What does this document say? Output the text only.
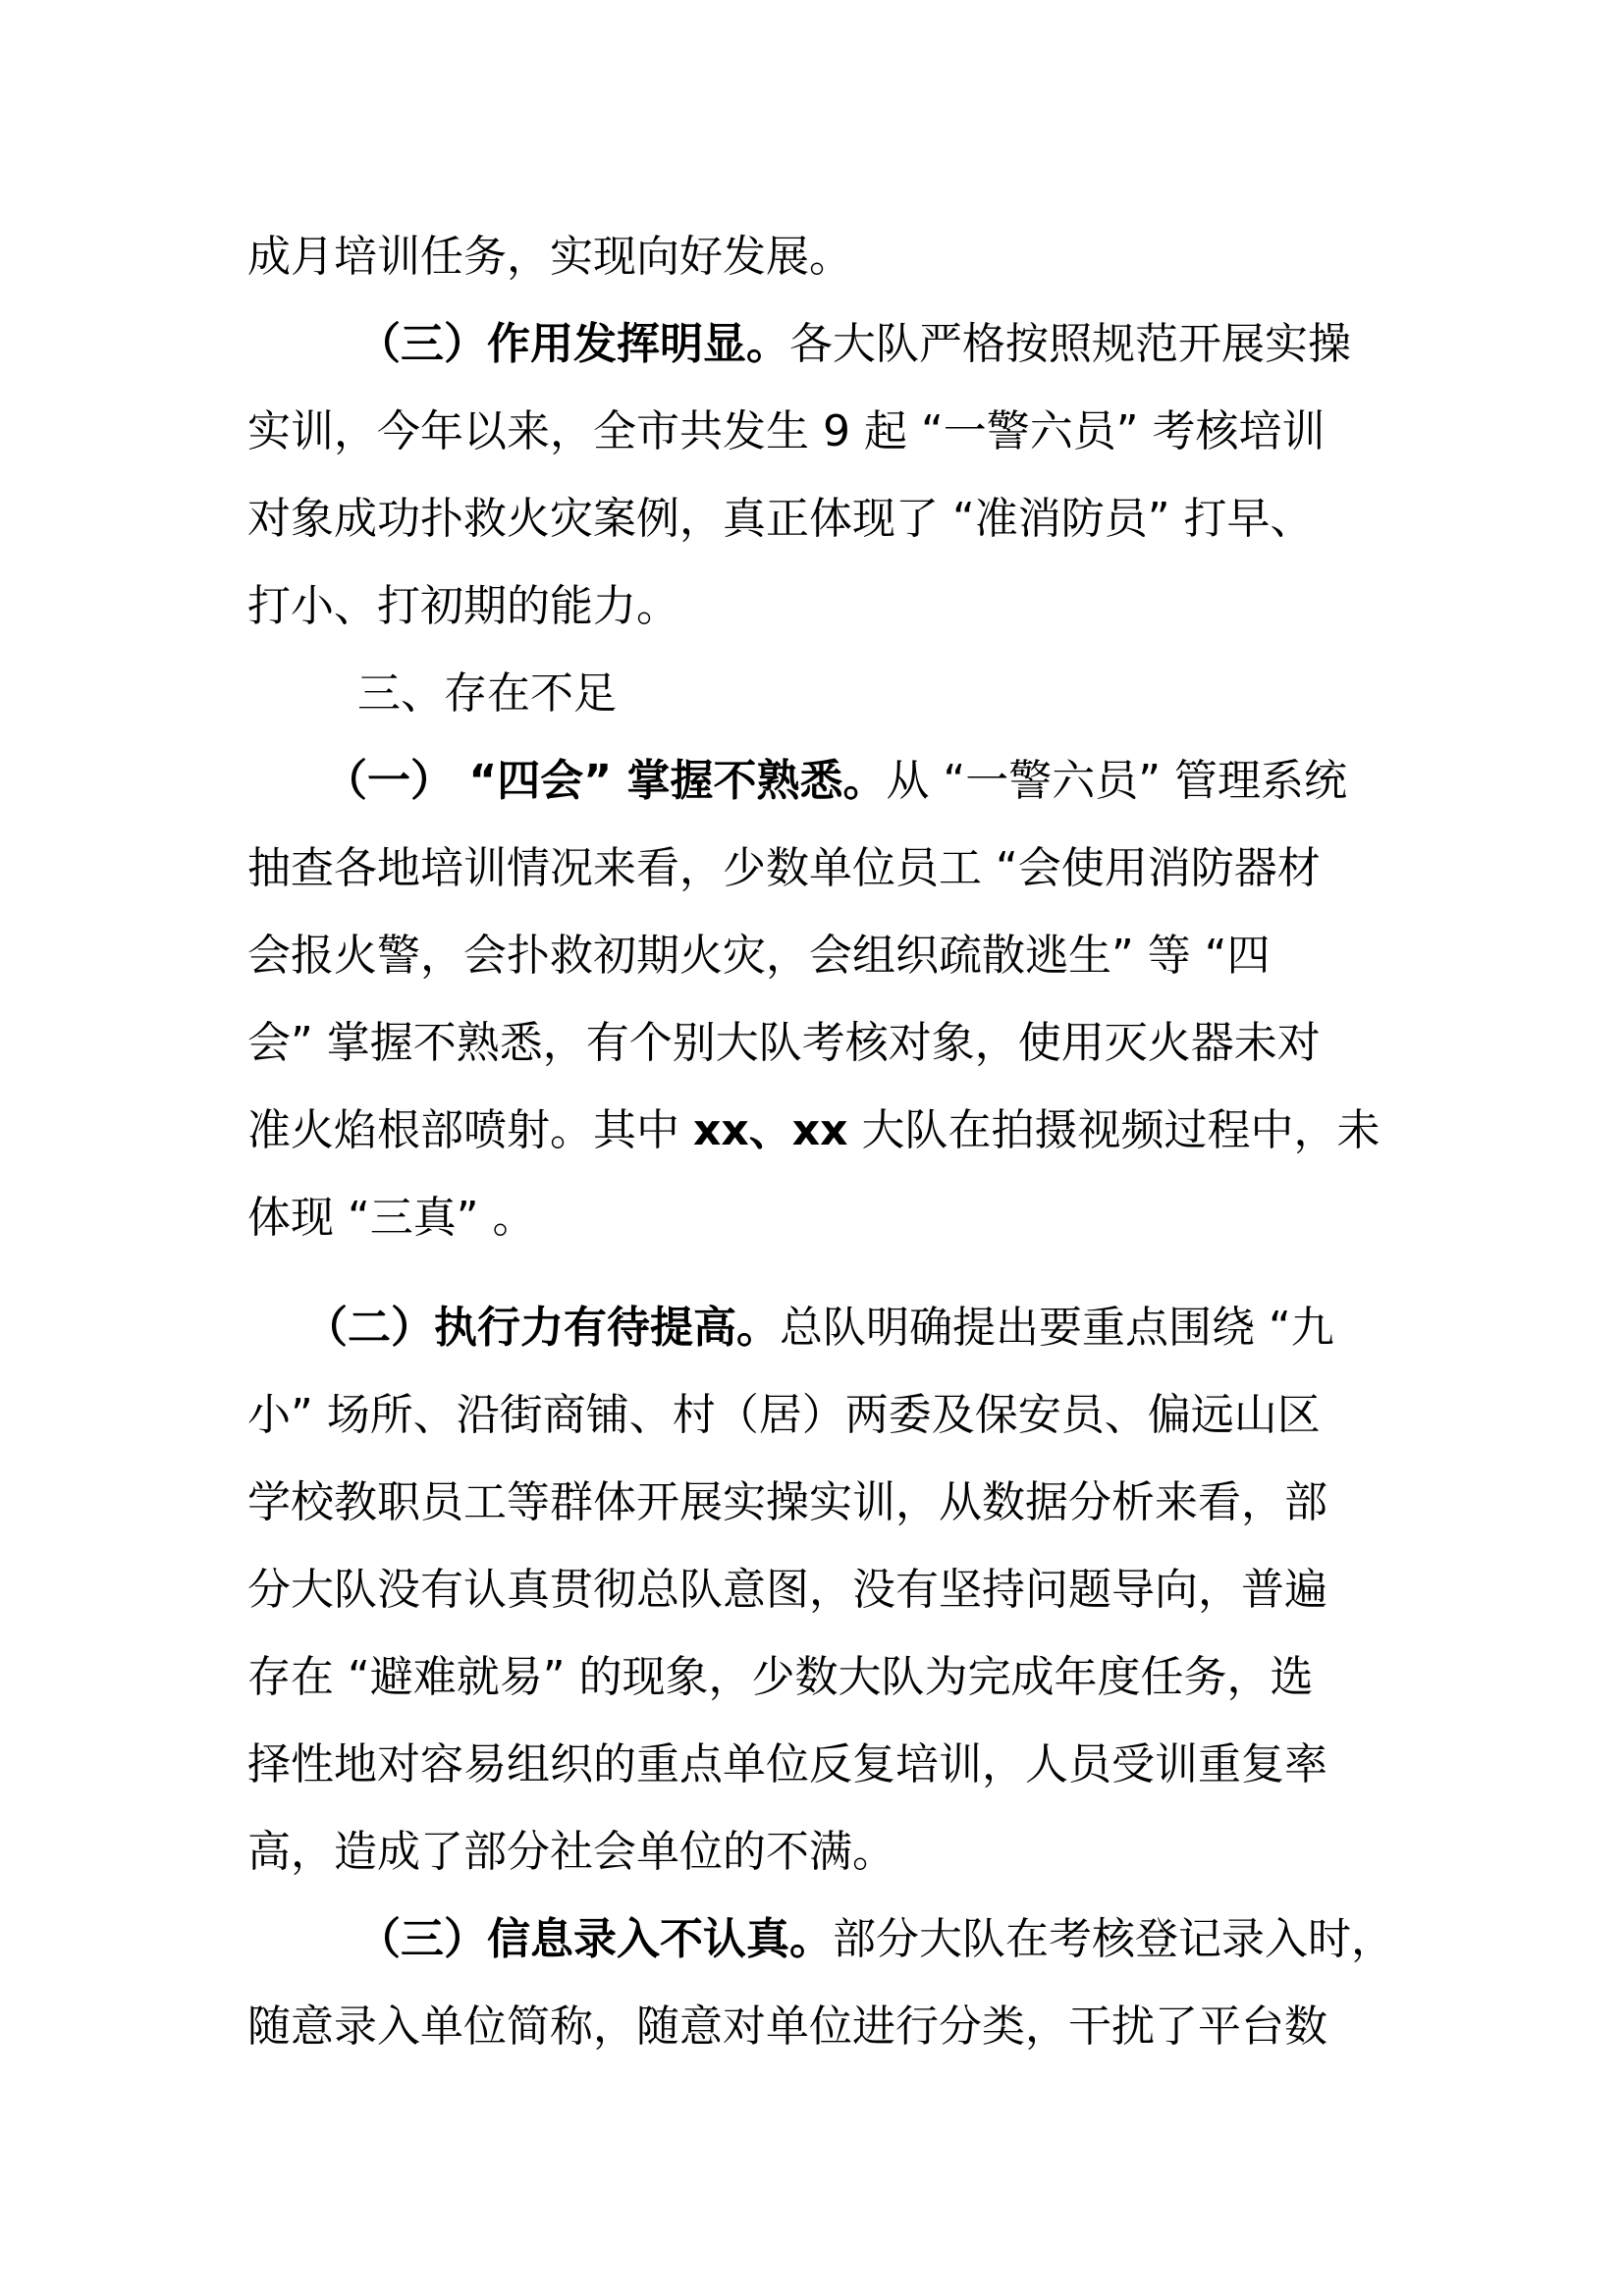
成月培训任务，实现向好发展。
（三）作用发挥明显。各大队严格按照规范开展实操
实训，今年以来，全市共发生 9 起 “一警六员” 考核培训
对象成功扑救火灾案例，真正体现了 “准消防员” 打早、
打小、打初期的能力。
三、存在不足
（一） “四会” 掌握不熟悉。从 “一警六员” 管理系统
抽查各地培训情况来看，少数单位员工 “会使用消防器材
会报火警，会扑救初期火灾，会组织疏散逃生” 等 “四
会” 掌握不熟悉，有个别大队考核对象，使用灭火器未对
准火焰根部喷射。其中 xx、xx 大队在拍摄视频过程中，未
体现 “三真” 。
（二）执行力有待提高。总队明确提出要重点围绕 “九
小” 场所、沿街商铺、村（居）两委及保安员、偏远山区
学校教职员工等群体开展实操实训，从数据分析来看，部
分大队没有认真贯彻总队意图，没有坚持问题导向，普遍
存在 “避难就易” 的现象，少数大队为完成年度任务，选
择性地对容易组织的重点单位反复培训，人员受训重复率
高，造成了部分社会单位的不满。
（三）信息录入不认真。部分大队在考核登记录入时，
随意录入单位简称，随意对单位进行分类，干扰了平台数
